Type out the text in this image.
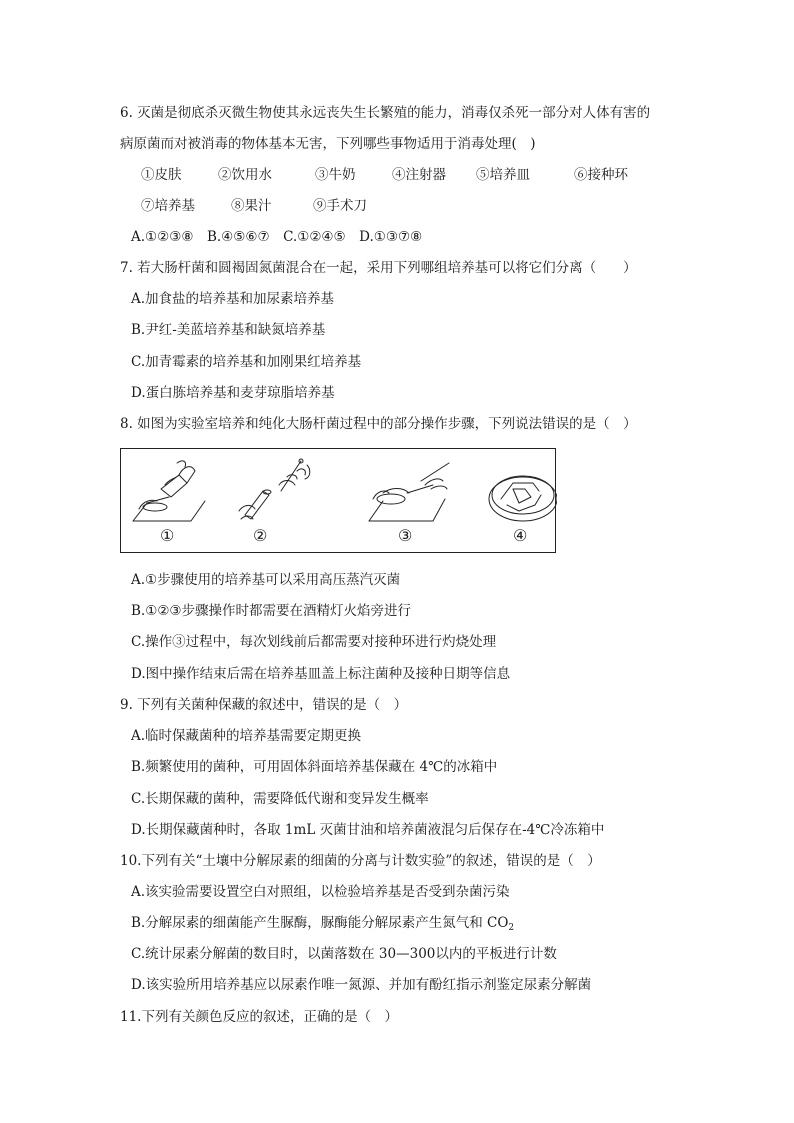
6. 灭菌是彻底杀灭微生物使其永远丧失生长繁殖的能力，消毒仅杀死一部分对人体有害的
病原菌而对被消毒的物体基本无害，下列哪些事物适用于消毒处理(　)
①皮肤	②饮用水	③牛奶	④注射器 ⑤培养皿	⑥接种环
⑦培养基	⑧果汁	⑨手术刀
A.①②③⑧　B.④⑤⑥⑦　C.①②④⑤　D.①③⑦⑧
7. 若大肠杆菌和圆褐固氮菌混合在一起，采用下列哪组培养基可以将它们分离（　　）
A.加食盐的培养基和加尿素培养基
B.尹红-美蓝培养基和缺氮培养基
C.加青霉素的培养基和加刚果红培养基
D.蛋白胨培养基和麦芽琼脂培养基
8. 如图为实验室培养和纯化大肠杆菌过程中的部分操作步骤，下列说法错误的是（　）
①	②	③	④
A.①步骤使用的培养基可以采用高压蒸汽灭菌
B.①②③步骤操作时都需要在酒精灯火焰旁进行
C.操作③过程中，每次划线前后都需要对接种环进行灼烧处理
D.图中操作结束后需在培养基皿盖上标注菌种及接种日期等信息
9. 下列有关菌种保藏的叙述中，错误的是（　）
A.临时保藏菌种的培养基需要定期更换
B.频繁使用的菌种，可用固体斜面培养基保藏在 4℃的冰箱中
C.长期保藏的菌种，需要降低代谢和变异发生概率
D.长期保藏菌种时，各取 1mL 灭菌甘油和培养菌液混匀后保存在-4℃冷冻箱中
10.下列有关“土壤中分解尿素的细菌的分离与计数实验”的叙述，错误的是（　）
A.该实验需要设置空白对照组，以检验培养基是否受到杂菌污染
B.分解尿素的细菌能产生脲酶，脲酶能分解尿素产生氮气和 $CO_2$
C.统计尿素分解菌的数目时，以菌落数在 30—300以内的平板进行计数
D.该实验所用培养基应以尿素作唯一氮源、并加有酚红指示剂鉴定尿素分解菌
11.下列有关颜色反应的叙述，正确的是（　）
